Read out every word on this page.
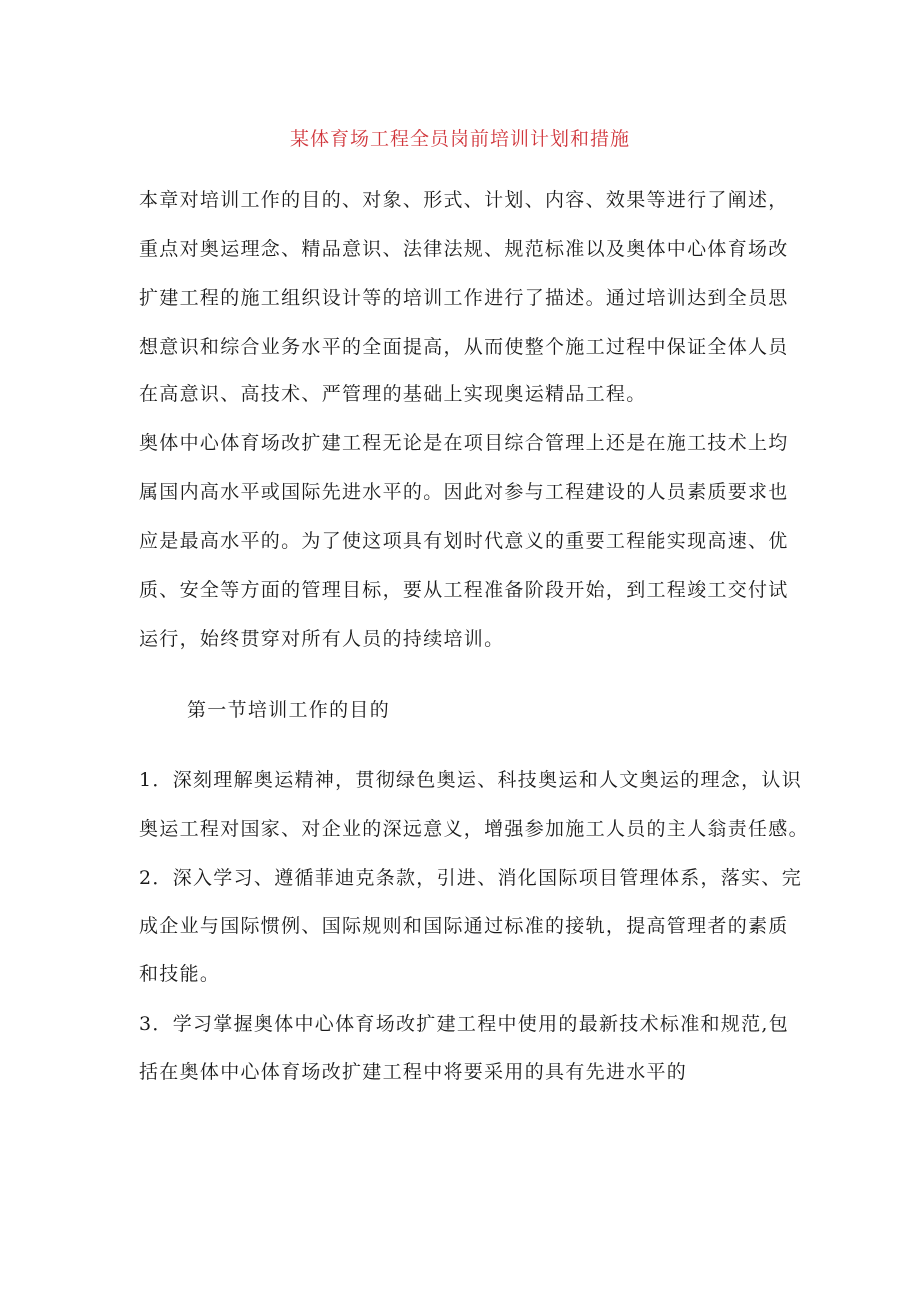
某体育场工程全员岗前培训计划和措施
本章对培训工作的目的、对象、形式、计划、内容、效果等进行了阐述，
重点对奥运理念、精品意识、法律法规、规范标准以及奥体中心体育场改
扩建工程的施工组织设计等的培训工作进行了描述。通过培训达到全员思
想意识和综合业务水平的全面提高，从而使整个施工过程中保证全体人员
在高意识、高技术、严管理的基础上实现奥运精品工程。
奥体中心体育场改扩建工程无论是在项目综合管理上还是在施工技术上均
属国内高水平或国际先进水平的。因此对参与工程建设的人员素质要求也
应是最高水平的。为了使这项具有划时代意义的重要工程能实现高速、优
质、安全等方面的管理目标，要从工程准备阶段开始，到工程竣工交付试
运行，始终贯穿对所有人员的持续培训。
第一节培训工作的目的
1．深刻理解奥运精神，贯彻绿色奥运、科技奥运和人文奥运的理念，认识
奥运工程对国家、对企业的深远意义，增强参加施工人员的主人翁责任感。
2．深入学习、遵循菲迪克条款，引进、消化国际项目管理体系，落实、完
成企业与国际惯例、国际规则和国际通过标准的接轨，提高管理者的素质
和技能。
3．学习掌握奥体中心体育场改扩建工程中使用的最新技术标准和规范,包
括在奥体中心体育场改扩建工程中将要采用的具有先进水平的
